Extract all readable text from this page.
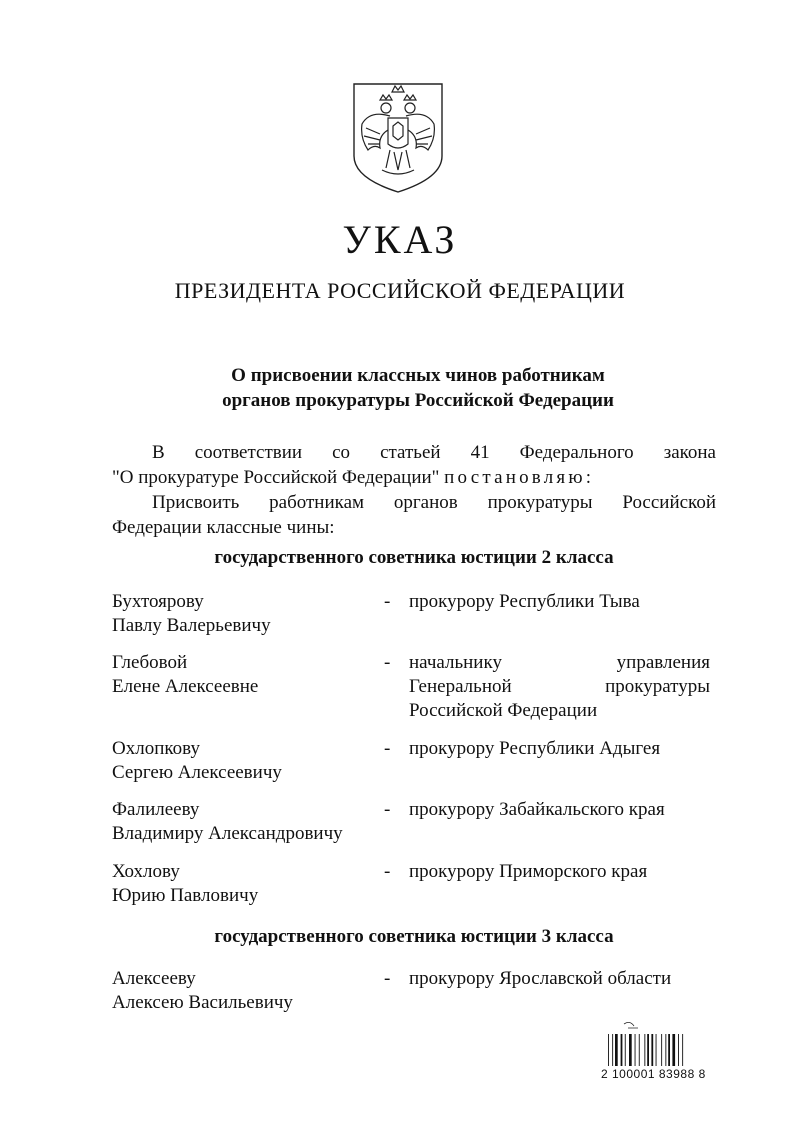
УКАЗ
ПРЕЗИДЕНТА РОССИЙСКОЙ ФЕДЕРАЦИИ
О присвоении классных чинов работникам
органов прокуратуры Российской Федерации
В соответствии со статьей 41 Федерального закона
"О прокуратуре Российской Федерации" постановляю:
Присвоить работникам органов прокуратуры Российской
Федерации классные чины:
государственного советника юстиции 2 класса
Бухтоярову
Павлу Валерьевичу
- прокурору Республики Тыва
Глебовой
Елене Алексеевне
- начальнику управления
Генеральной прокуратуры
Российской Федерации
Охлопкову
Сергею Алексеевичу
- прокурору Республики Адыгея
Фалилееву
Владимиру Александровичу
- прокурору Забайкальского края
Хохлову
Юрию Павловичу
- прокурору Приморского края
государственного советника юстиции 3 класса
Алексееву
Алексею Васильевичу
- прокурору Ярославской области
2 100001 83988 8
